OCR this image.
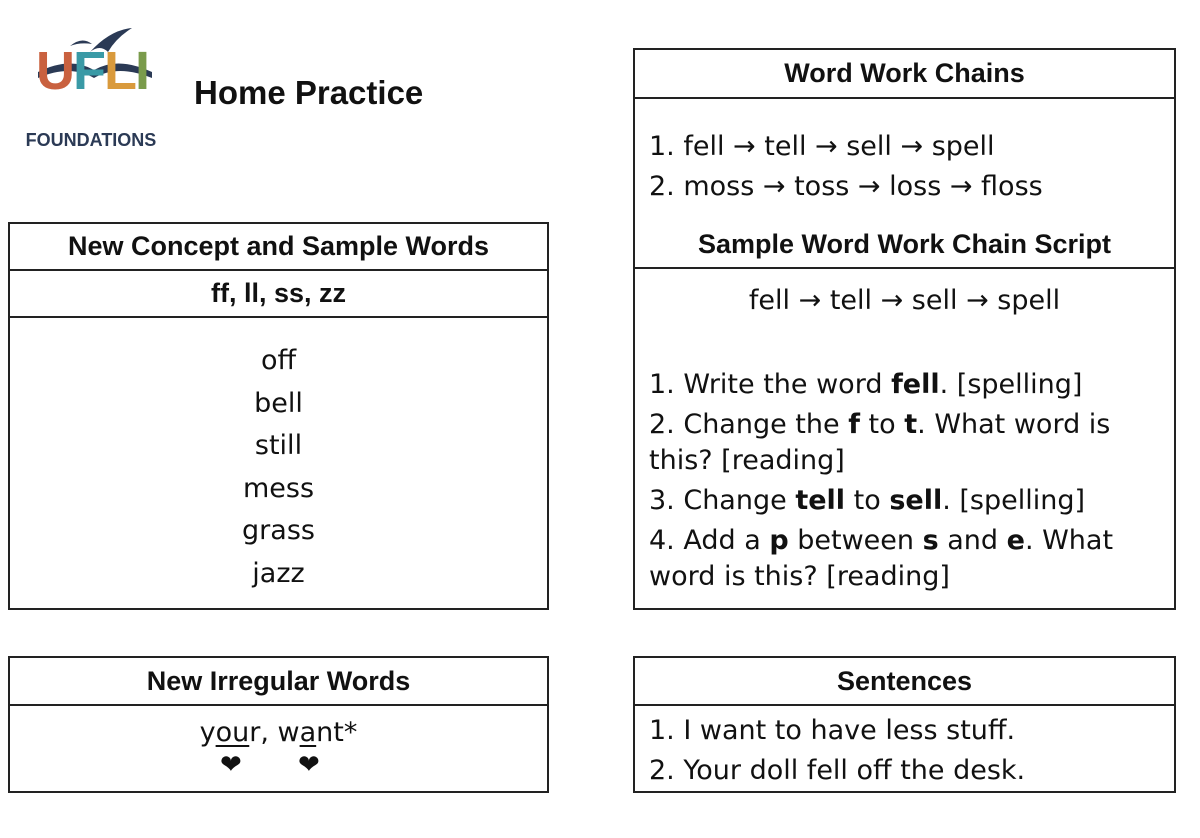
UFLI
FOUNDATIONS
Home Practice
New Concept and Sample Words
ff, ll, ss, zz
off
bell
still
mess
grass
jazz
New Irregular Words
your, want*
❤ ❤
Word Work Chains
1. fell → tell → sell → spell
2. moss → toss → loss → floss
Sample Word Work Chain Script
fell → tell → sell → spell
1. Write the word fell. [spelling]
2. Change the f to t. What word is this? [reading]
3. Change tell to sell. [spelling]
4. Add a p between s and e. What word is this? [reading]
Sentences
1. I want to have less stuff.
2. Your doll fell off the desk.
